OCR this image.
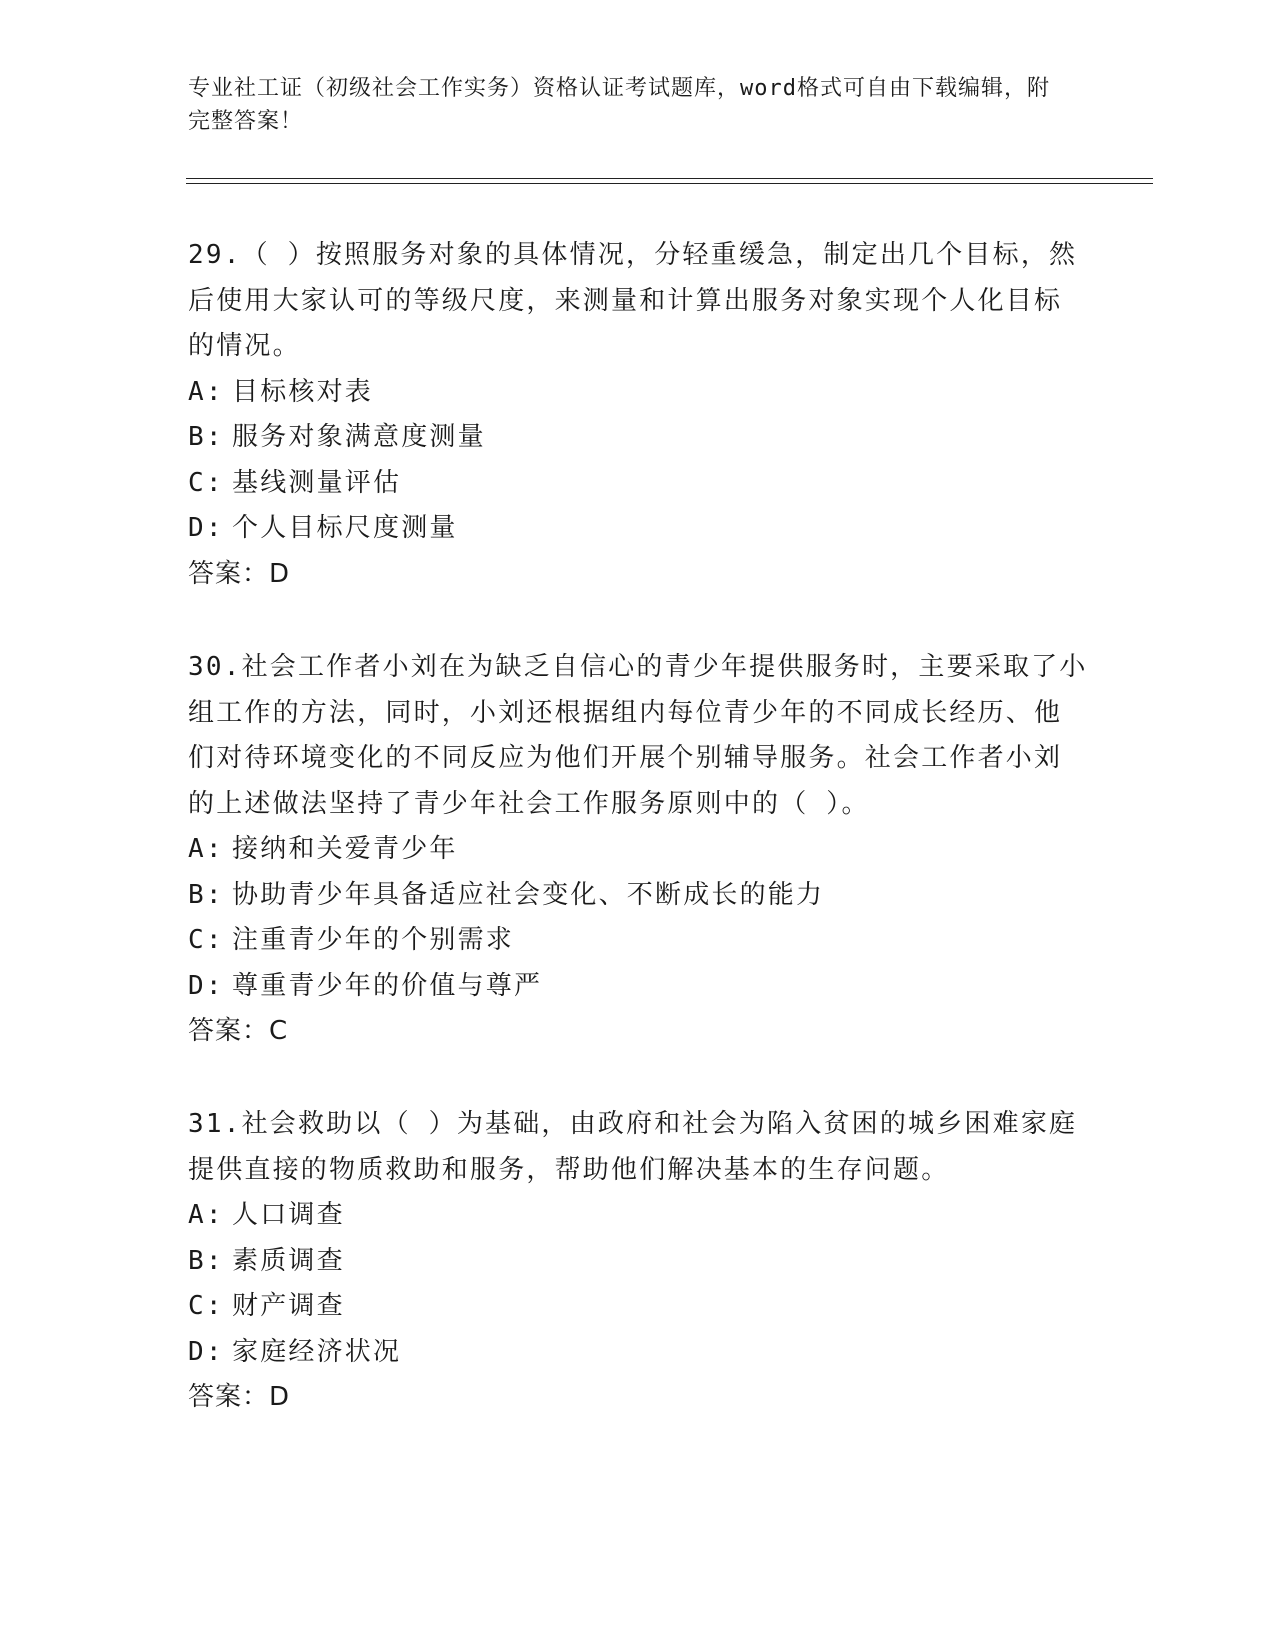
专业社工证（初级社会工作实务）资格认证考试题库，word格式可自由下载编辑，附完整答案！

29.（ ）按照服务对象的具体情况，分轻重缓急，制定出几个目标，然后使用大家认可的等级尺度，来测量和计算出服务对象实现个人化目标的情况。

A: 目标核对表

B: 服务对象满意度测量

C: 基线测量评估

D: 个人目标尺度测量

答案：D

30.社会工作者小刘在为缺乏自信心的青少年提供服务时，主要采取了小组工作的方法，同时，小刘还根据组内每位青少年的不同成长经历、他们对待环境变化的不同反应为他们开展个别辅导服务。社会工作者小刘的上述做法坚持了青少年社会工作服务原则中的（ ）。

A: 接纳和关爱青少年

B: 协助青少年具备适应社会变化、不断成长的能力

C: 注重青少年的个别需求

D: 尊重青少年的价值与尊严

答案：C

31.社会救助以（ ）为基础，由政府和社会为陷入贫困的城乡困难家庭提供直接的物质救助和服务，帮助他们解决基本的生存问题。

A: 人口调查

B: 素质调查

C: 财产调查

D: 家庭经济状况

答案：D
